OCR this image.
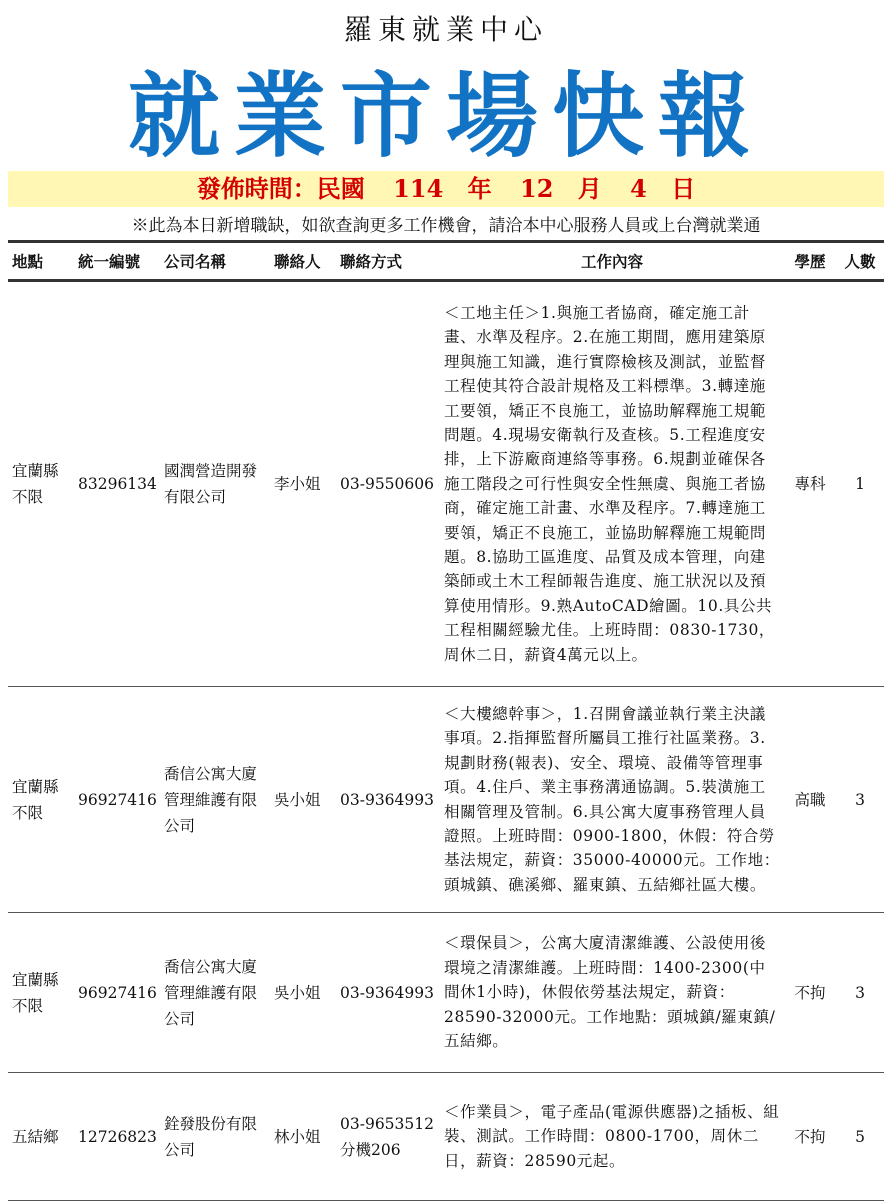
羅東就業中心
就業市場快報
發佈時間：民國 114 年 12 月 4 日
※此為本日新增職缺，如欲查詢更多工作機會，請洽本中心服務人員或上台灣就業通
地點	統一編號	公司名稱	聯絡人	聯絡方式	工作內容	學歷	人數
宜蘭縣不限	83296134	國潤營造開發有限公司	李小姐	03-9550606	＜工地主任＞1.與施工者協商，確定施工計畫、水準及程序。2.在施工期間，應用建築原理與施工知識，進行實際檢核及測試，並監督工程使其符合設計規格及工料標準。3.轉達施工要領，矯正不良施工，並協助解釋施工規範問題。4.現場安衛執行及查核。5.工程進度安排，上下游廠商連絡等事務。6.規劃並確保各施工階段之可行性與安全性無虞、與施工者協商，確定施工計畫、水準及程序。7.轉達施工要領，矯正不良施工，並協助解釋施工規範問題。8.協助工區進度、品質及成本管理，向建築師或土木工程師報告進度、施工狀況以及預算使用情形。9.熟AutoCAD繪圖。10.具公共工程相關經驗尤佳。上班時間：0830-1730，周休二日，薪資4萬元以上。	專科	1
宜蘭縣不限	96927416	喬信公寓大廈管理維護有限公司	吳小姐	03-9364993	＜大樓總幹事＞，1.召開會議並執行業主決議事項。2.指揮監督所屬員工推行社區業務。3.規劃財務(報表)、安全、環境、設備等管理事項。4.住戶、業主事務溝通協調。5.裝潢施工相關管理及管制。6.具公寓大廈事務管理人員證照。上班時間：0900-1800，休假：符合勞基法規定，薪資：35000-40000元。工作地：頭城鎮、礁溪鄉、羅東鎮、五結鄉社區大樓。	高職	3
宜蘭縣不限	96927416	喬信公寓大廈管理維護有限公司	吳小姐	03-9364993	＜環保員＞，公寓大廈清潔維護、公設使用後環境之清潔維護。上班時間：1400-2300(中間休1小時)，休假依勞基法規定，薪資：28590-32000元。工作地點：頭城鎮/羅東鎮/五結鄉。	不拘	3
五結鄉	12726823	銓發股份有限公司	林小姐	03-9653512分機206	＜作業員＞，電子產品(電源供應器)之插板、組裝、測試。工作時間：0800-1700，周休二日，薪資：28590元起。	不拘	5
